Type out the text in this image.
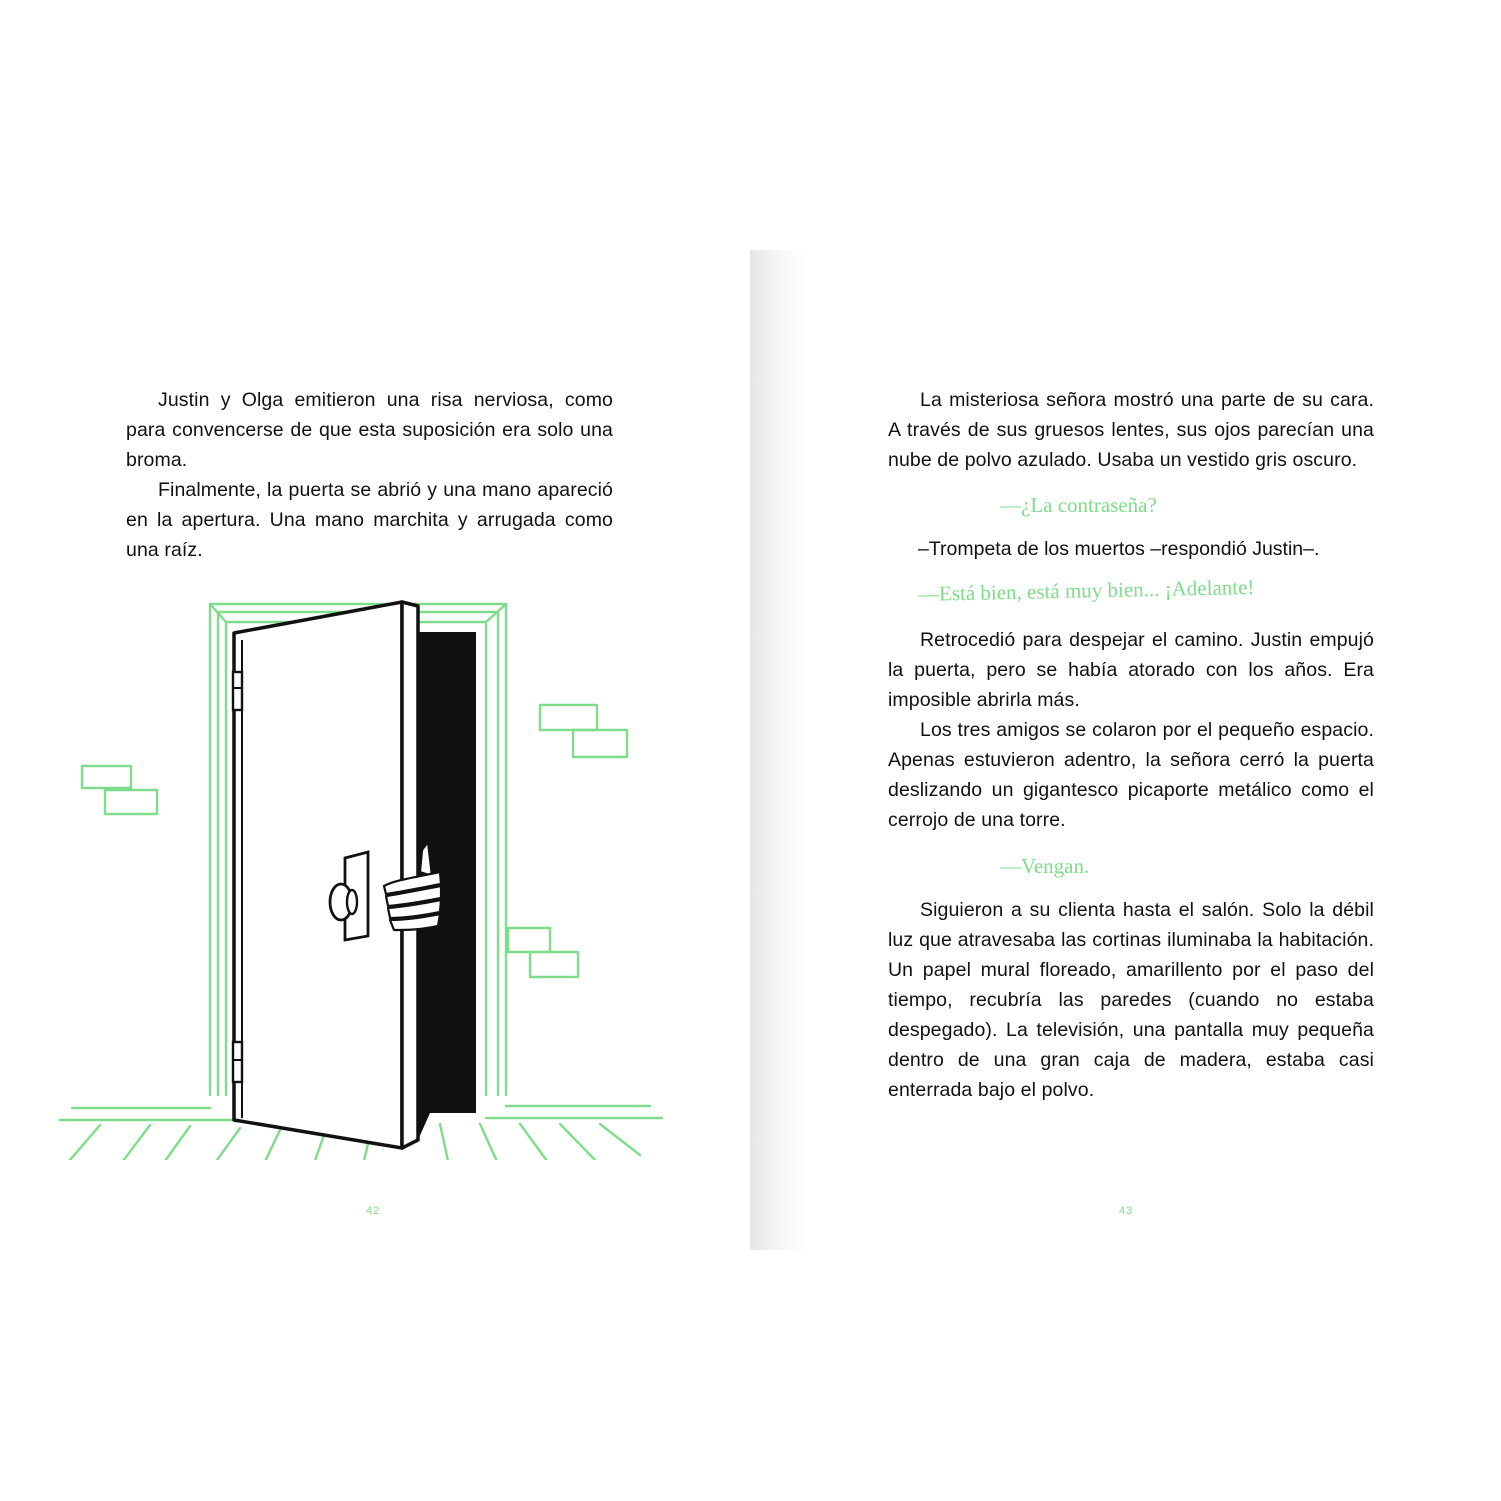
Justin y Olga emitieron una risa nerviosa, como para convencerse de que esta suposición era solo una broma.

Finalmente, la puerta se abrió y una mano apareció en la apertura. Una mano marchita y arrugada como una raíz.

42

La misteriosa señora mostró una parte de su cara. A través de sus gruesos lentes, sus ojos parecían una nube de polvo azulado. Usaba un vestido gris oscuro.

—¿La contraseña?
–Trompeta de los muertos –respondió Justin–.
—Está bien, está muy bien... ¡Adelante!

Retrocedió para despejar el camino. Justin empujó la puerta, pero se había atorado con los años. Era imposible abrirla más.

Los tres amigos se colaron por el pequeño espacio. Apenas estuvieron adentro, la señora cerró la puerta deslizando un gigantesco picaporte metálico como el cerrojo de una torre.

—Vengan.

Siguieron a su clienta hasta el salón. Solo la débil luz que atravesaba las cortinas iluminaba la habitación. Un papel mural floreado, amarillento por el paso del tiempo, recubría las paredes (cuando no estaba despegado). La televisión, una pantalla muy pequeña dentro de una gran caja de madera, estaba casi enterrada bajo el polvo.

43
